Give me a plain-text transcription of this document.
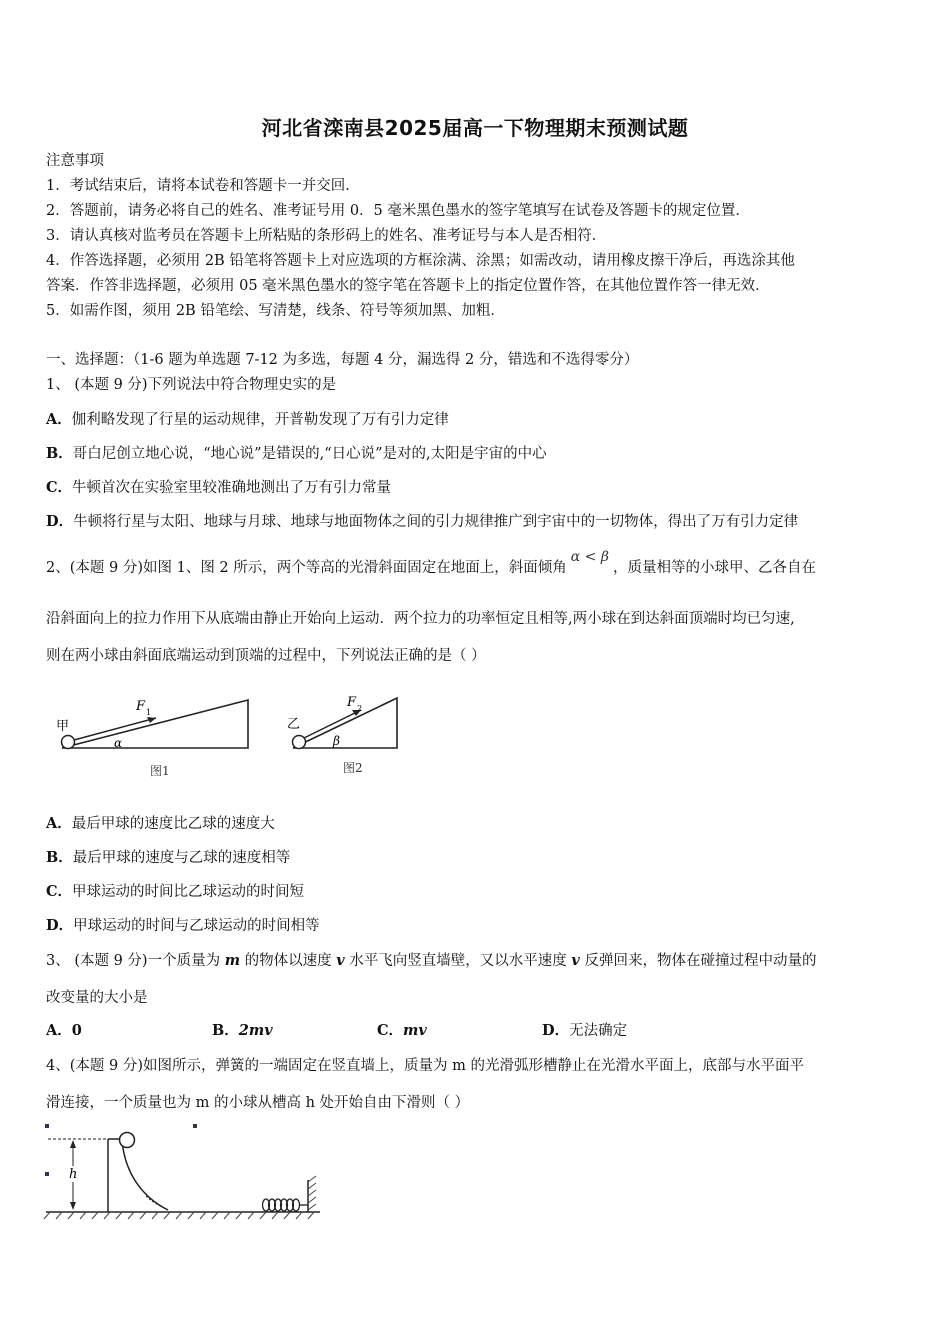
河北省滦南县2025届高一下物理期末预测试题
注意事项
1．考试结束后，请将本试卷和答题卡一并交回．
2．答题前，请务必将自己的姓名、准考证号用 0．5 毫米黑色墨水的签字笔填写在试卷及答题卡的规定位置．
3．请认真核对监考员在答题卡上所粘贴的条形码上的姓名、准考证号与本人是否相符．
4．作答选择题，必须用 2B 铅笔将答题卡上对应选项的方框涂满、涂黑；如需改动，请用橡皮擦干净后，再选涂其他
答案．作答非选择题，必须用 05 毫米黑色墨水的签字笔在答题卡上的指定位置作答，在其他位置作答一律无效．
5．如需作图，须用 2B 铅笔绘、写清楚，线条、符号等须加黑、加粗．
一、选择题：（1-6 题为单选题 7-12 为多选，每题 4 分，漏选得 2 分，错选和不选得零分）
1、 (本题 9 分)下列说法中符合物理史实的是
A．伽利略发现了行星的运动规律，开普勒发现了万有引力定律
B．哥白尼创立地心说，“地心说”是错误的,“日心说”是对的,太阳是宇宙的中心
C．牛顿首次在实验室里较准确地测出了万有引力常量
D．牛顿将行星与太阳、地球与月球、地球与地面物体之间的引力规律推广到宇宙中的一切物体，得出了万有引力定律
2、(本题 9 分)如图 1、图 2 所示，两个等高的光滑斜面固定在地面上，斜面倾角α < β，质量相等的小球甲、乙各自在
沿斜面向上的拉力作用下从底端由静止开始向上运动．两个拉力的功率恒定且相等,两小球在到达斜面顶端时均已匀速,
则在两小球由斜面底端运动到顶端的过程中，下列说法正确的是（ ）
甲
F 1
α
图1
乙
F 2
β
图2
A．最后甲球的速度比乙球的速度大
B．最后甲球的速度与乙球的速度相等
C．甲球运动的时间比乙球运动的时间短
D．甲球运动的时间与乙球运动的时间相等
3、 (本题 9 分)一个质量为 m 的物体以速度 v 水平飞向竖直墙壁，又以水平速度 v 反弹回来，物体在碰撞过程中动量的
改变量的大小是
A．0	B．2mv	C．mv	D．无法确定
4、(本题 9 分)如图所示，弹簧的一端固定在竖直墙上，质量为 m 的光滑弧形槽静止在光滑水平面上，底部与水平面平
滑连接，一个质量也为 m 的小球从槽高 h 处开始自由下滑则（ ）
h
